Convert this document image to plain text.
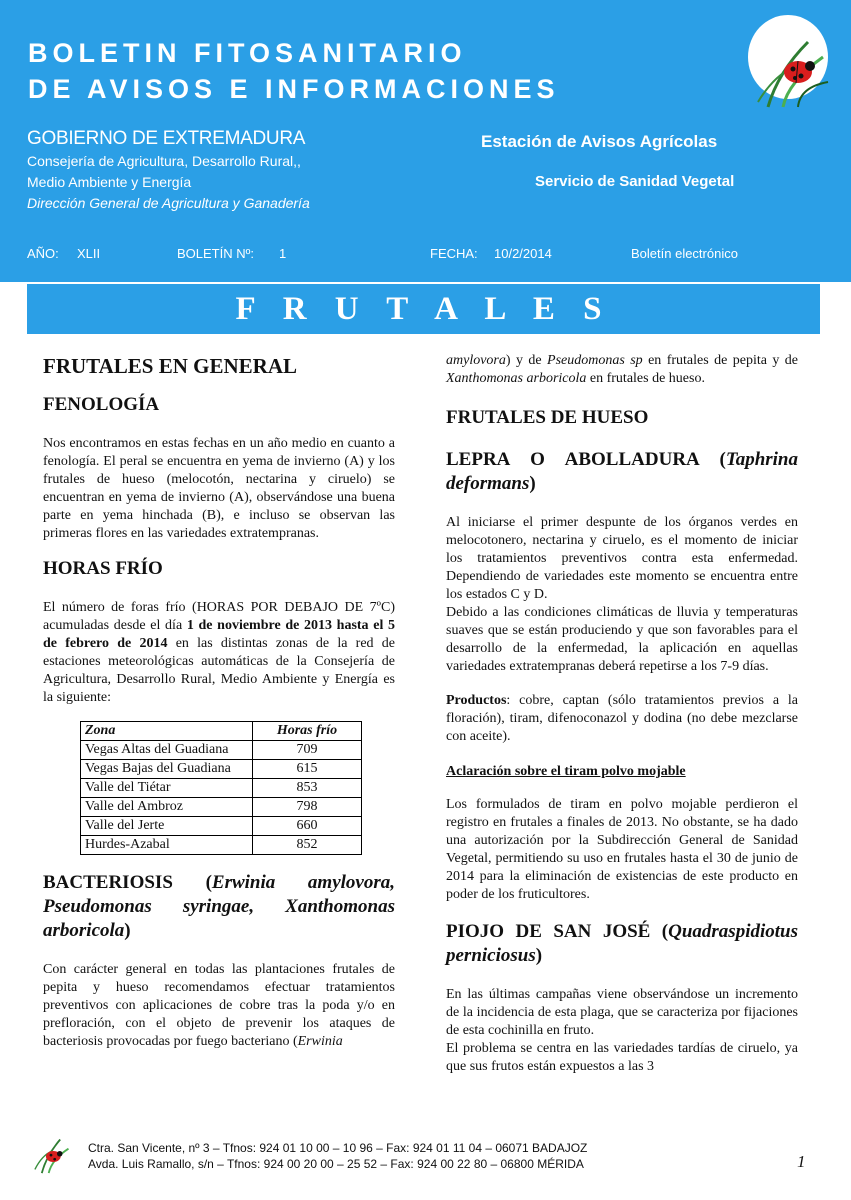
BOLETIN FITOSANITARIO
DE AVISOS E INFORMACIONES
GOBIERNO DE EXTREMADURA
Consejería de Agricultura, Desarrollo Rural,,
Medio Ambiente y Energía
Dirección General de Agricultura y Ganadería
Estación de Avisos Agrícolas
Servicio de Sanidad Vegetal
AÑO: XLII	BOLETÍN Nº: 1	FECHA: 10/2/2014	Boletín electrónico
F R U T A L E S
FRUTALES EN GENERAL
FENOLOGÍA

Nos encontramos en estas fechas en un año medio en cuanto a fenología. El peral se encuentra en yema de invierno (A) y los frutales de hueso (melocotón, nectarina y ciruelo) se encuentran en yema de invierno (A), observándose una buena parte en yema hinchada (B), e incluso se observan las primeras flores en las variedades extratempranas.

HORAS FRÍO

El número de foras frío (HORAS POR DEBAJO DE 7ºC) acumuladas desde el día 1 de noviembre de 2013 hasta el 5 de febrero de 2014 en las distintas zonas de la red de estaciones meteorológicas automáticas de la Consejería de Agricultura, Desarrollo Rural, Medio Ambiente y Energía es la siguiente:

Zona	Horas frío
Vegas Altas del Guadiana	709
Vegas Bajas del Guadiana	615
Valle del Tiétar	853
Valle del Ambroz	798
Valle del Jerte	660
Hurdes-Azabal	852
BACTERIOSIS (Erwinia amylovora, Pseudomonas syringae, Xanthomonas arboricola)

Con carácter general en todas las plantaciones frutales de pepita y hueso recomendamos efectuar tratamientos preventivos con aplicaciones de cobre tras la poda y/o en prefloración, con el objeto de prevenir los ataques de bacteriosis provocadas por fuego bacteriano (Erwinia

amylovora) y de Pseudomonas sp en frutales de pepita y de Xanthomonas arboricola en frutales de hueso.

FRUTALES DE HUESO
LEPRA O ABOLLADURA (Taphrina deformans)

Al iniciarse el primer despunte de los órganos verdes en melocotonero, nectarina y ciruelo, es el momento de iniciar los tratamientos preventivos contra esta enfermedad. Dependiendo de variedades este momento se encuentra entre los estados C y D.

Debido a las condiciones climáticas de lluvia y temperaturas suaves que se están produciendo y que son favorables para el desarrollo de la enfermedad, la aplicación en aquellas variedades extratempranas deberá repetirse a los 7-9 días.

Productos: cobre, captan (sólo tratamientos previos a la floración), tiram, difenoconazol y dodina (no debe mezclarse con aceite).

Aclaración sobre el tiram polvo mojable

Los formulados de tiram en polvo mojable perdieron el registro en frutales a finales de 2013. No obstante, se ha dado una autorización por la Subdirección General de Sanidad Vegetal, permitiendo su uso en frutales hasta el 30 de junio de 2014 para la eliminación de existencias de este producto en poder de los fruticultores.

PIOJO DE SAN JOSÉ (Quadraspidiotus perniciosus)

En las últimas campañas viene observándose un incremento de la incidencia de esta plaga, que se caracteriza por fijaciones de esta cochinilla en fruto.

El problema se centra en las variedades tardías de ciruelo, ya que sus frutos están expuestos a las 3

Ctra. San Vicente, nº 3 – Tfnos: 924 01 10 00 – 10 96 – Fax: 924 01 11 04 – 06071 BADAJOZ
Avda. Luis Ramallo, s/n – Tfnos: 924 00 20 00 – 25 52 – Fax: 924 00 22 80 – 06800 MÉRIDA	1
